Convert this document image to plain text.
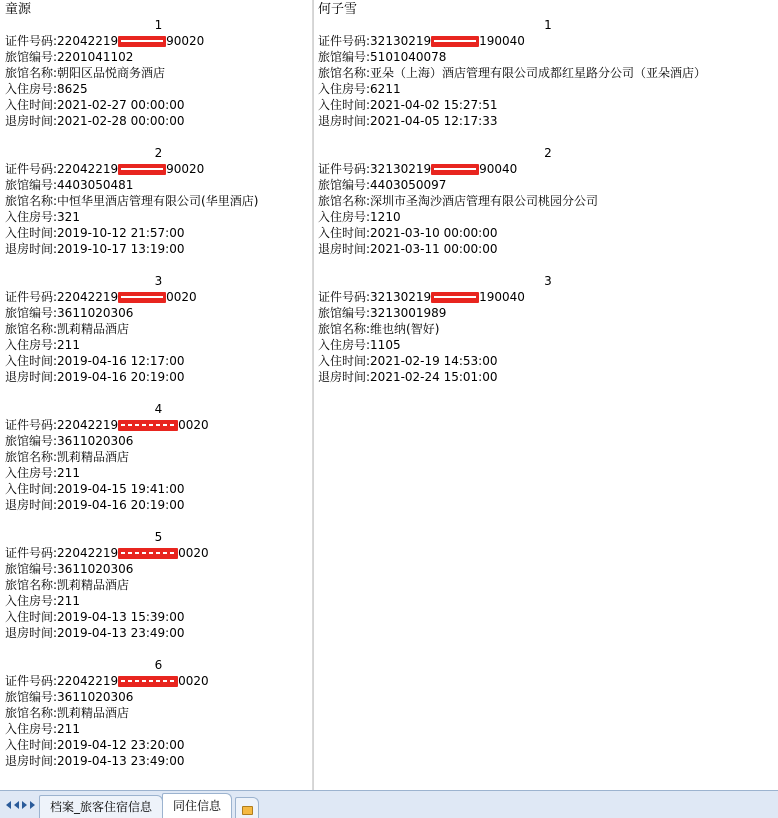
童源
1
证件号码:22042219	90020
旅馆编号:2201041102
旅馆名称:朝阳区品悦商务酒店
入住房号:8625
入住时间:2021-02-27 00:00:00
退房时间:2021-02-28 00:00:00
2
证件号码:22042219	90020
旅馆编号:4403050481
旅馆名称:中恒华里酒店管理有限公司(华里酒店)
入住房号:321
入住时间:2019-10-12 21:57:00
退房时间:2019-10-17 13:19:00
3
证件号码:22042219	0020
旅馆编号:3611020306
旅馆名称:凯莉精品酒店
入住房号:211
入住时间:2019-04-16 12:17:00
退房时间:2019-04-16 20:19:00
4
证件号码:22042219	0020
旅馆编号:3611020306
旅馆名称:凯莉精品酒店
入住房号:211
入住时间:2019-04-15 19:41:00
退房时间:2019-04-16 20:19:00
5
证件号码:22042219	0020
旅馆编号:3611020306
旅馆名称:凯莉精品酒店
入住房号:211
入住时间:2019-04-13 15:39:00
退房时间:2019-04-13 23:49:00
6
证件号码:22042219	0020
旅馆编号:3611020306
旅馆名称:凯莉精品酒店
入住房号:211
入住时间:2019-04-12 23:20:00
退房时间:2019-04-13 23:49:00
何子雪
1
证件号码:32130219	190040
旅馆编号:5101040078
旅馆名称:亚朵（上海）酒店管理有限公司成都红星路分公司（亚朵酒店）
入住房号:6211
入住时间:2021-04-02 15:27:51
退房时间:2021-04-05 12:17:33
2
证件号码:32130219	90040
旅馆编号:4403050097
旅馆名称:深圳市圣淘沙酒店管理有限公司桃园分公司
入住房号:1210
入住时间:2021-03-10 00:00:00
退房时间:2021-03-11 00:00:00
3
证件号码:32130219	190040
旅馆编号:3213001989
旅馆名称:维也纳(智好)
入住房号:1105
入住时间:2021-02-19 14:53:00
退房时间:2021-02-24 15:01:00
档案_旅客住宿信息	同住信息
